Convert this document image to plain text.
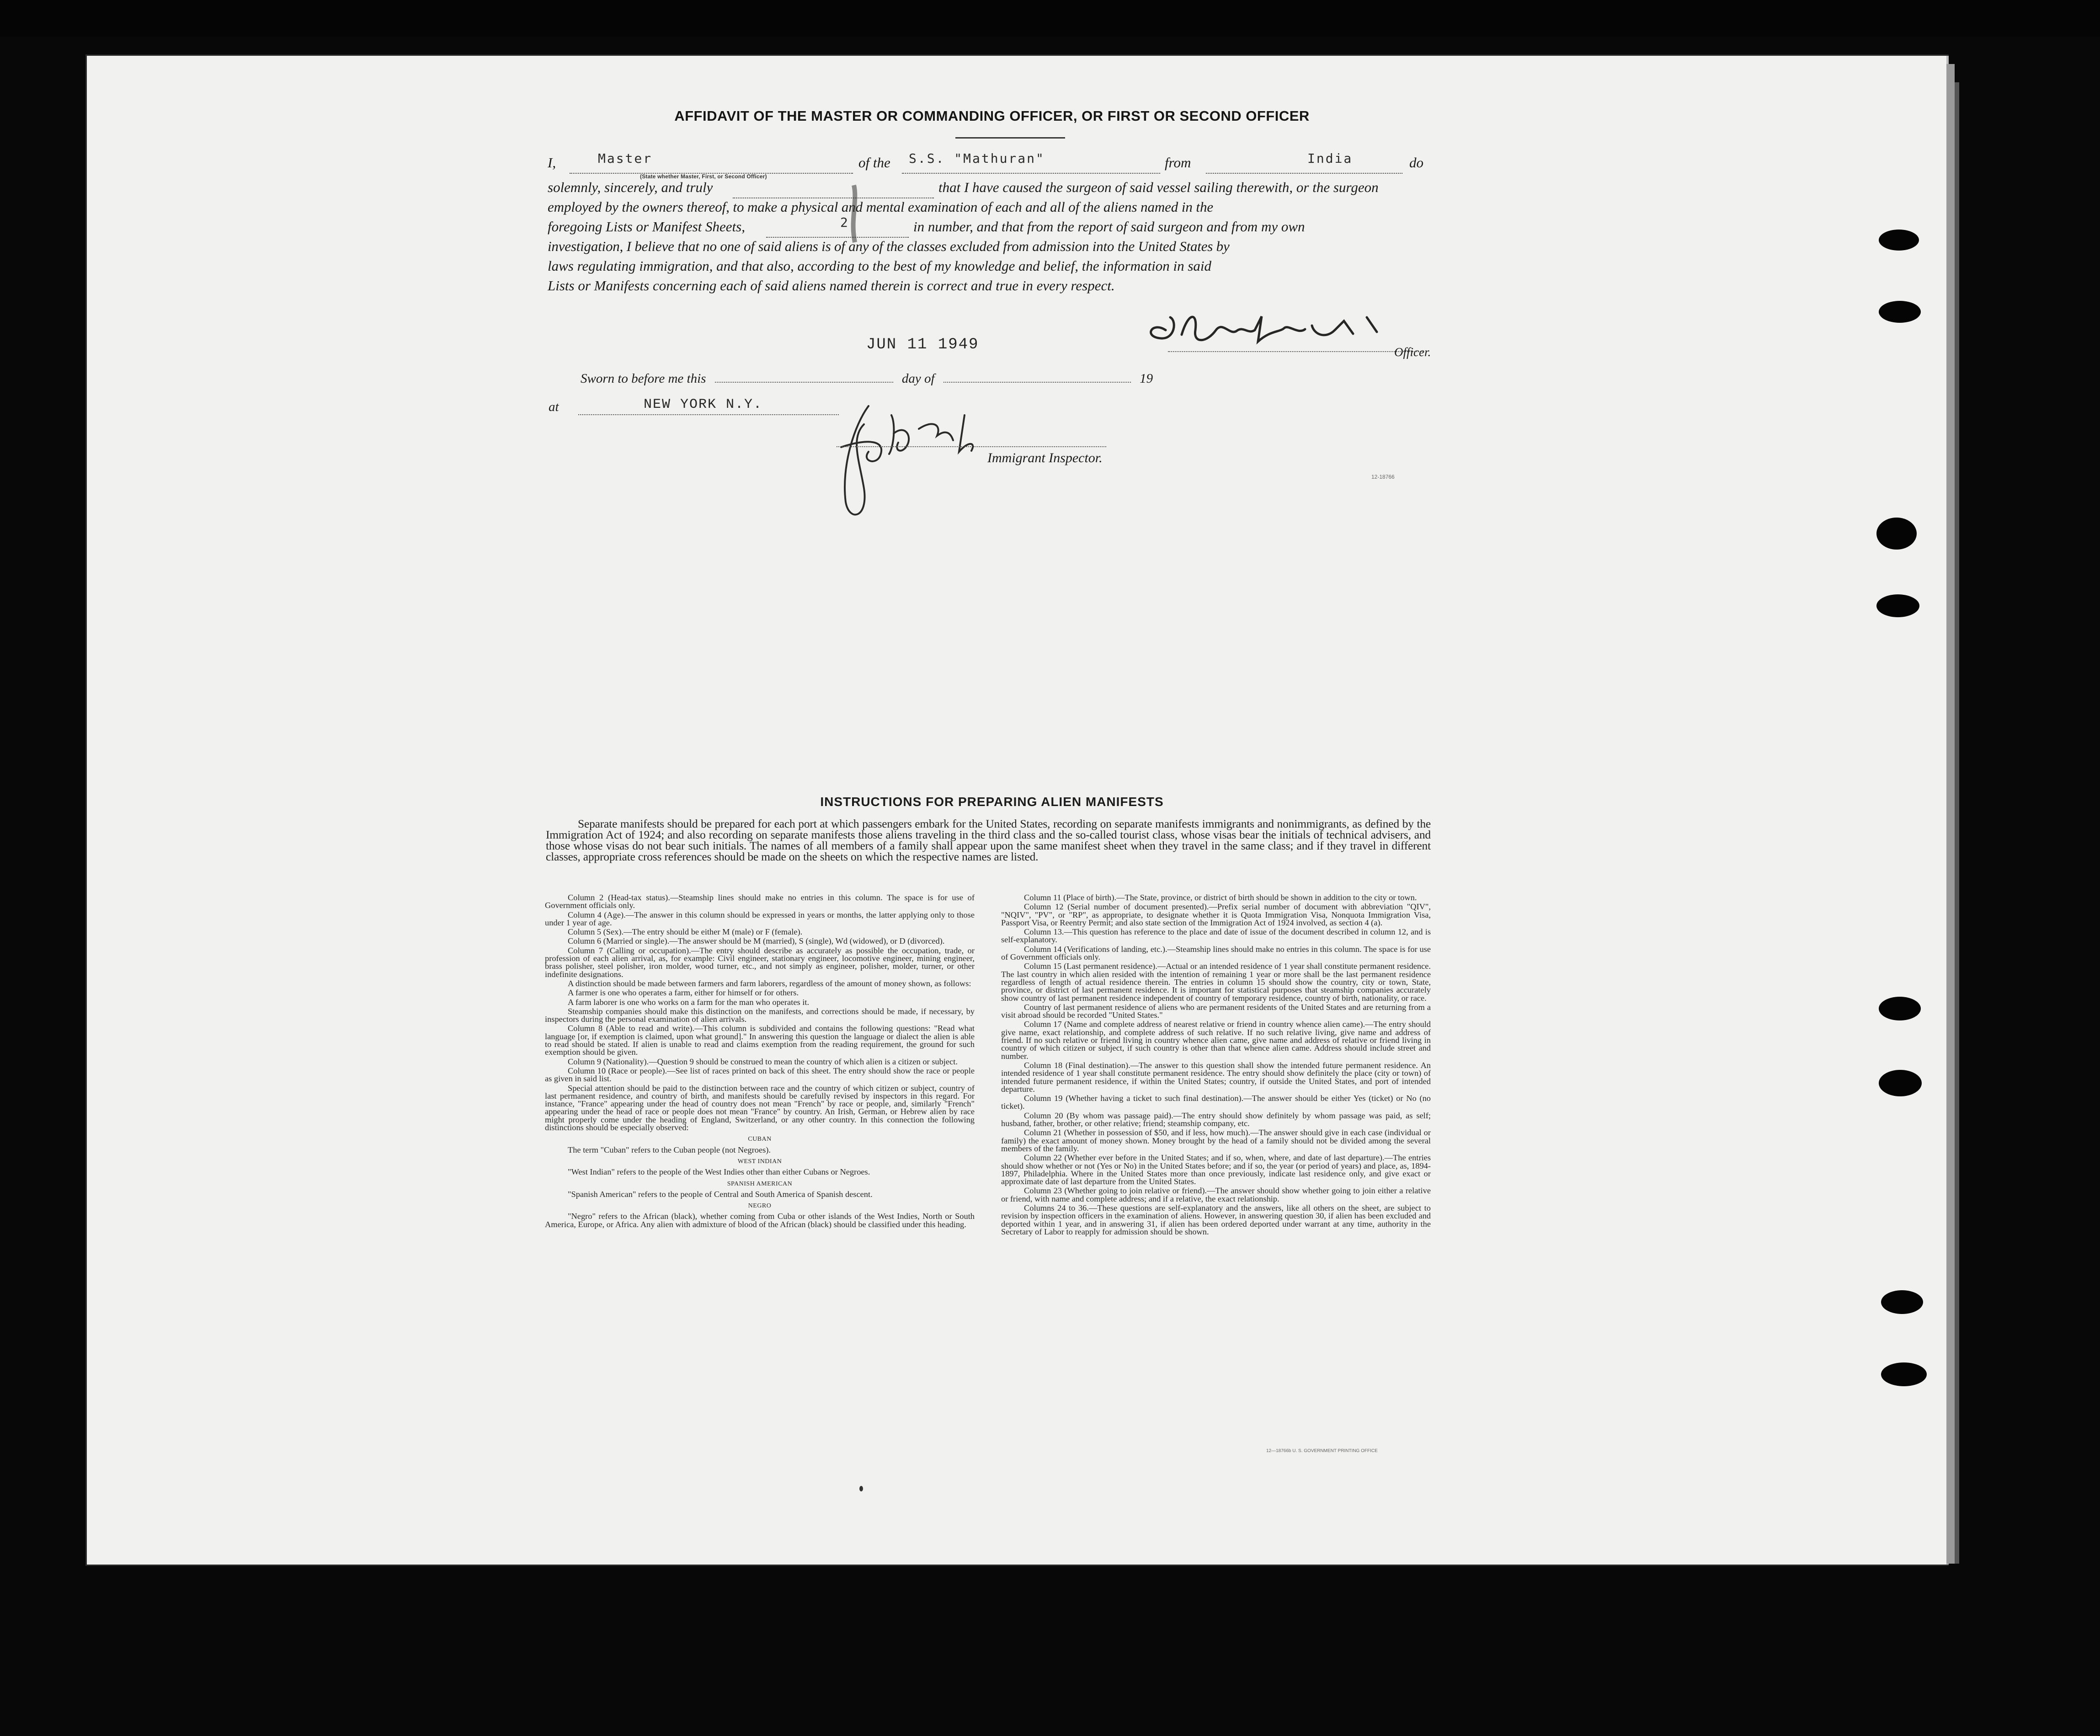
AFFIDAVIT OF THE MASTER OR COMMANDING OFFICER, OR FIRST OR SECOND OFFICER
I,	Master	of the S.S. "Mathuran"	from	India	do
(State whether Master, First, or Second Officer)
solemnly, sincerely, and truly	that I have caused the surgeon of said vessel sailing therewith, or the surgeon
employed by the owners thereof, to make a physical and mental examination of each and all of the aliens named in the
foregoing Lists or Manifest Sheets,	2	in number, and that from the report of said surgeon and from my own
investigation, I believe that no one of said aliens is of any of the classes excluded from admission into the United States by
laws regulating immigration, and that also, according to the best of my knowledge and belief, the information in said
Lists or Manifests concerning each of said aliens named therein is correct and true in every respect.
JUN 11 1949	Officer.
Sworn to before me this	day of	19
at	NEW YORK N.Y.
Immigrant Inspector.
12-18766
INSTRUCTIONS FOR PREPARING ALIEN MANIFESTS
Separate manifests should be prepared for each port at which passengers embark for the United States, recording on separate manifests immigrants and nonimmigrants, as defined by the Immigration Act of 1924; and also recording on separate manifests those aliens traveling in the third class and the so-called tourist class, whose visas bear the initials of technical advisers, and those whose visas do not bear such initials. The names of all members of a family shall appear upon the same manifest sheet when they travel in the same class; and if they travel in different classes, appropriate cross references should be made on the sheets on which the respective names are listed.

Column 2 (Head-tax status).—Steamship lines should make no entries in this column. The space is for use of Government officials only.

Column 4 (Age).—The answer in this column should be expressed in years or months, the latter applying only to those under 1 year of age.

Column 5 (Sex).—The entry should be either M (male) or F (female).

Column 6 (Married or single).—The answer should be M (married), S (single), Wd (widowed), or D (divorced).

Column 7 (Calling or occupation).—The entry should describe as accurately as possible the occupation, trade, or profession of each alien arrival, as, for example: Civil engineer, stationary engineer, locomotive engineer, mining engineer, brass polisher, steel polisher, iron molder, wood turner, etc., and not simply as engineer, polisher, molder, turner, or other indefinite designations.

A distinction should be made between farmers and farm laborers, regardless of the amount of money shown, as follows:

A farmer is one who operates a farm, either for himself or for others.

A farm laborer is one who works on a farm for the man who operates it.

Steamship companies should make this distinction on the manifests, and corrections should be made, if necessary, by inspectors during the personal examination of alien arrivals.

Column 8 (Able to read and write).—This column is subdivided and contains the following questions: "Read what language [or, if exemption is claimed, upon what ground]." In answering this question the language or dialect the alien is able to read should be stated. If alien is unable to read and claims exemption from the reading requirement, the ground for such exemption should be given.

Column 9 (Nationality).—Question 9 should be construed to mean the country of which alien is a citizen or subject.

Column 10 (Race or people).—See list of races printed on back of this sheet. The entry should show the race or people as given in said list.

Special attention should be paid to the distinction between race and the country of which citizen or subject, country of last permanent residence, and country of birth, and manifests should be carefully revised by inspectors in this regard. For instance, "France" appearing under the head of country does not mean "French" by race or people, and, similarly "French" appearing under the head of race or people does not mean "France" by country. An Irish, German, or Hebrew alien by race might properly come under the heading of England, Switzerland, or any other country. In this connection the following distinctions should be especially observed:

CUBAN

The term "Cuban" refers to the Cuban people (not Negroes).

WEST INDIAN

"West Indian" refers to the people of the West Indies other than either Cubans or Negroes.

SPANISH AMERICAN

"Spanish American" refers to the people of Central and South America of Spanish descent.

NEGRO

"Negro" refers to the African (black), whether coming from Cuba or other islands of the West Indies, North or South America, Europe, or Africa. Any alien with admixture of blood of the African (black) should be classified under this heading.

Column 11 (Place of birth).—The State, province, or district of birth should be shown in addition to the city or town.

Column 12 (Serial number of document presented).—Prefix serial number of document with abbreviation "QIV", "NQIV", "PV", or "RP", as appropriate, to designate whether it is Quota Immigration Visa, Nonquota Immigration Visa, Passport Visa, or Reentry Permit; and also state section of the Immigration Act of 1924 involved, as section 4 (a).

Column 13.—This question has reference to the place and date of issue of the document described in column 12, and is self-explanatory.

Column 14 (Verifications of landing, etc.).—Steamship lines should make no entries in this column. The space is for use of Government officials only.

Column 15 (Last permanent residence).—Actual or an intended residence of 1 year shall constitute permanent residence. The last country in which alien resided with the intention of remaining 1 year or more shall be the last permanent residence regardless of length of actual residence therein. The entries in column 15 should show the country, city or town, State, province, or district of last permanent residence. It is important for statistical purposes that steamship companies accurately show country of last permanent residence independent of country of temporary residence, country of birth, nationality, or race.

Country of last permanent residence of aliens who are permanent residents of the United States and are returning from a visit abroad should be recorded "United States."

Column 17 (Name and complete address of nearest relative or friend in country whence alien came).—The entry should give name, exact relationship, and complete address of such relative. If no such relative living, give name and address of friend. If no such relative or friend living in country whence alien came, give name and address of relative or friend living in country of which citizen or subject, if such country is other than that whence alien came. Address should include street and number.

Column 18 (Final destination).—The answer to this question shall show the intended future permanent residence. An intended residence of 1 year shall constitute permanent residence. The entry should show definitely the place (city or town) of intended future permanent residence, if within the United States; country, if outside the United States, and port of intended departure.

Column 19 (Whether having a ticket to such final destination).—The answer should be either Yes (ticket) or No (no ticket).

Column 20 (By whom was passage paid).—The entry should show definitely by whom passage was paid, as self; husband, father, brother, or other relative; friend; steamship company, etc.

Column 21 (Whether in possession of $50, and if less, how much).—The answer should give in each case (individual or family) the exact amount of money shown. Money brought by the head of a family should not be divided among the several members of the family.

Column 22 (Whether ever before in the United States; and if so, when, where, and date of last departure).—The entries should show whether or not (Yes or No) in the United States before; and if so, the year (or period of years) and place, as, 1894-1897, Philadelphia. Where in the United States more than once previously, indicate last residence only, and give exact or approximate date of last departure from the United States.

Column 23 (Whether going to join relative or friend).—The answer should show whether going to join either a relative or friend, with name and complete address; and if a relative, the exact relationship.

Columns 24 to 36.—These questions are self-explanatory and the answers, like all others on the sheet, are subject to revision by inspection officers in the examination of aliens. However, in answering question 30, if alien has been excluded and deported within 1 year, and in answering 31, if alien has been ordered deported under warrant at any time, authority in the Secretary of Labor to reapply for admission should be shown.

12—18766b U. S. GOVERNMENT PRINTING OFFICE
